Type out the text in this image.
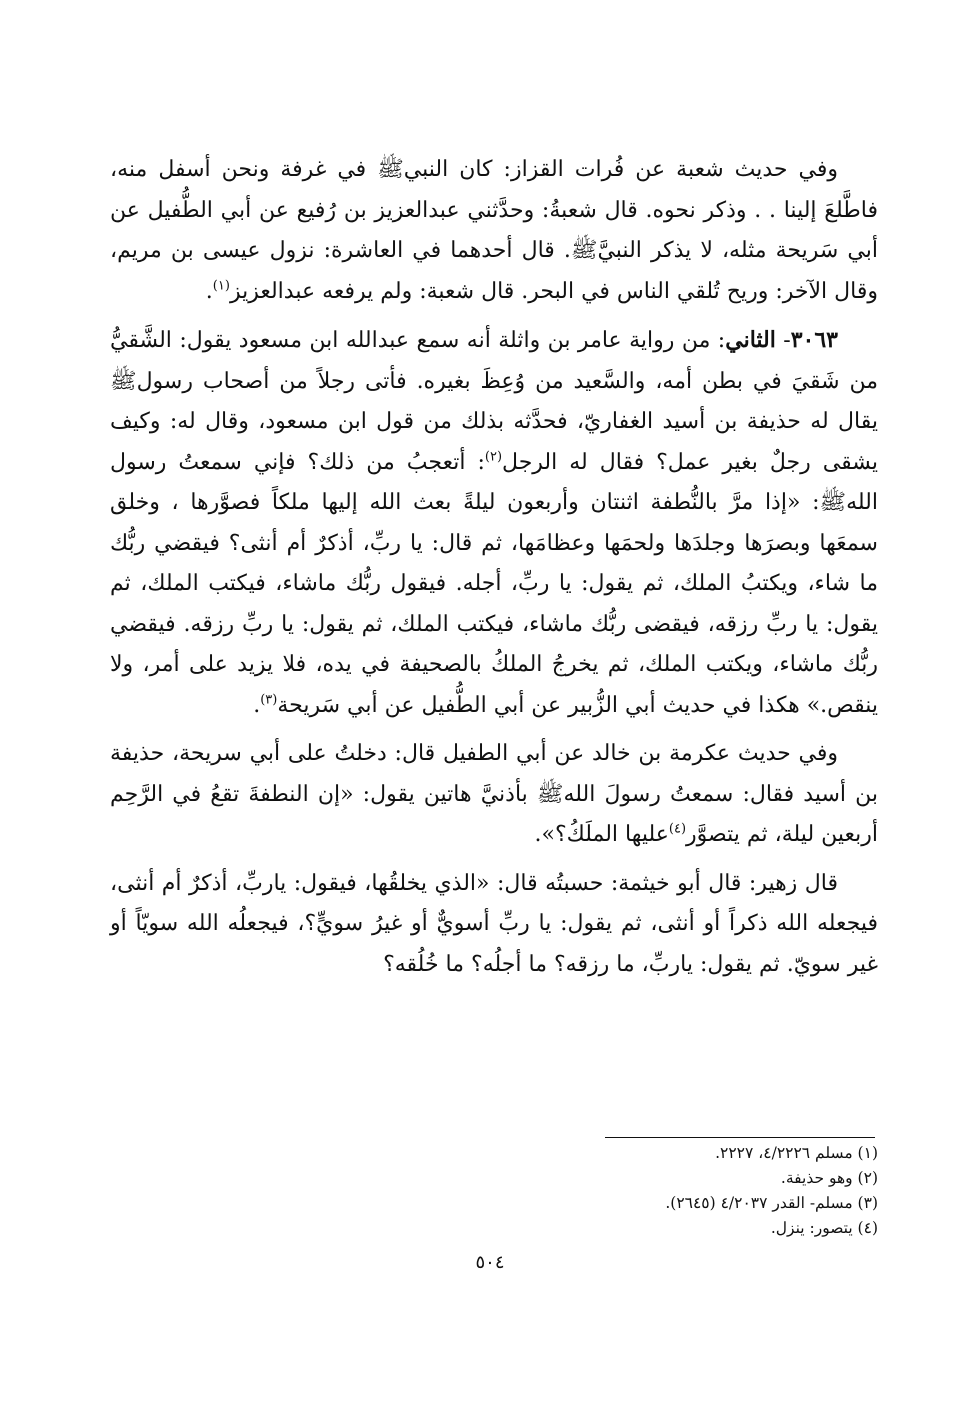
وفي حديث شعبة عن فُرات القزاز: كان النبيﷺ في غرفة ونحن أسفل منه، فاطَّلعَ إلينا . . وذكر نحوه. قال شعبةُ: وحدَّثني عبدالعزيز بن رُفيع عن أبي الطُّفيل عن أبي سَريحة مثله، لا يذكر النبيَّﷺ. قال أحدهما في العاشرة: نزول عيسى بن مريم، وقال الآخر: وريح تُلقي الناس في البحر. قال شعبة: ولم يرفعه عبدالعزيز$^{(١)}$.

٣٠٦٣- الثاني: من رواية عامر بن واثلة أنه سمع عبدالله ابن مسعود يقول: الشَّقيُّ من شَقيَ في بطن أمه، والسَّعيد من وُعِظَ بغيره. فأتى رجلاً من أصحاب رسولﷺ يقال له حذيفة بن أسيد الغفاريّ، فحدَّثه بذلك من قول ابن مسعود، وقال له: وكيف يشقى رجلٌ بغير عمل؟ فقال له الرجل$^{(٢)}$: أتعجبُ من ذلك؟ فإني سمعتُ رسول اللهﷺ: «إذا مرَّ بالنُّطفة اثنتان وأربعون ليلةً بعث الله إليها ملكاً فصوَّرها ، وخلق سمعَها وبصرَها وجلدَها ولحمَها وعظامَها، ثم قال: يا ربِّ، أذكرٌ أم أنثى؟ فيقضي ربُّك ما شاء، ويكتبُ الملك، ثم يقول: يا ربِّ، أجله. فيقول ربُّك ماشاء، فيكتب الملك، ثم يقول: يا ربِّ رزقه، فيقضى ربُّك ماشاء، فيكتب الملك، ثم يقول: يا ربِّ رزقه. فيقضي ربُّك ماشاء، ويكتب الملك، ثم يخرجُ الملكُ بالصحيفة في يده، فلا يزيد على أمر، ولا ينقص.» هكذا في حديث أبي الزُّبير عن أبي الطُّفيل عن أبي سَريحة$^{(٣)}$.

وفي حديث عكرمة بن خالد عن أبي الطفيل قال: دخلتُ على أبي سريحة، حذيفة بن أسيد فقال: سمعتُ رسولَ اللهﷺ بأذنيَّ هاتين يقول: «إن النطفةَ تقعُ في الرَّحِم أربعين ليلة، ثم يتصوَّر$^{(٤)}$عليها الملَكُ؟».

قال زهير: قال أبو خيثمة: حسبتُه قال: «الذي يخلقُها، فيقول: ياربِّ، أذكرٌ أم أنثى، فيجعله الله ذكراً أو أنثى، ثم يقول: يا ربِّ أسويٌّ أو غيرُ سويٍّ؟، فيجعلُه الله سويّاً أو غير سويّ. ثم يقول: ياربِّ، ما رزقه؟ ما أجلُه؟ ما خُلُقه؟

(١) مسلم ٤/٢٢٢٦، ٢٢٢٧.

(٢) وهو حذيفة.

(٣) مسلم- القدر ٤/٢٠٣٧ (٢٦٤٥).

(٤) يتصور: ينزل.

٥٠٤
